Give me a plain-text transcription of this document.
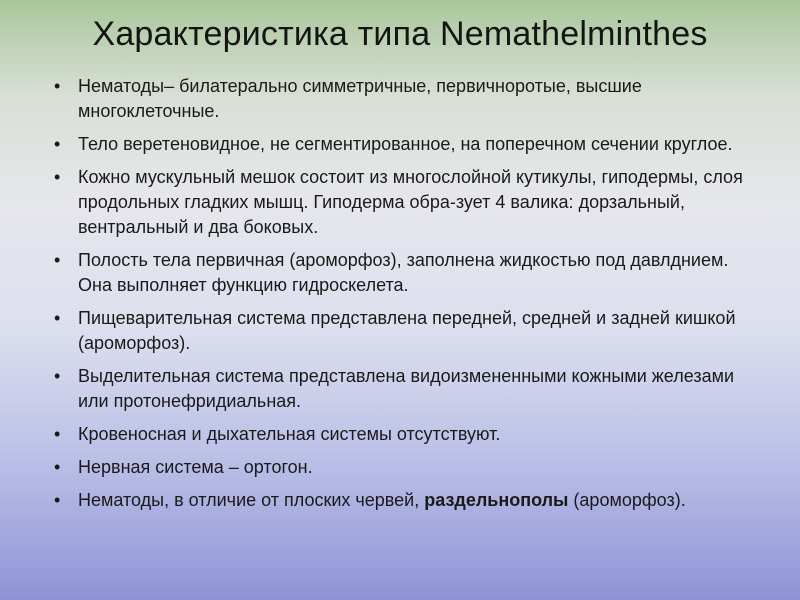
Характеристика типа Nemathelminthes
• Нематоды– билатерально симметричные, первичноротые, высшие многоклеточные.
• Тело веретеновидное, не сегментированное, на поперечном сечении круглое.
• Кожно мускульный мешок состоит из многослойной кутикулы, гиподермы, слоя продольных гладких мышц. Гиподерма обра-зует 4 валика: дорзальный, вентральный и два боковых.
• Полость тела первичная (ароморфоз), заполнена жидкостью под давлднием. Она выполняет функцию гидроскелета.
• Пищеварительная система представлена передней, средней и задней кишкой (ароморфоз).
• Выделительная система представлена видоизмененными кожными железами или протонефридиальная.
• Кровеносная и дыхательная системы отсутствуют.
• Нервная система – ортогон.
• Нематоды, в отличие от плоских червей, раздельнополы (ароморфоз).
